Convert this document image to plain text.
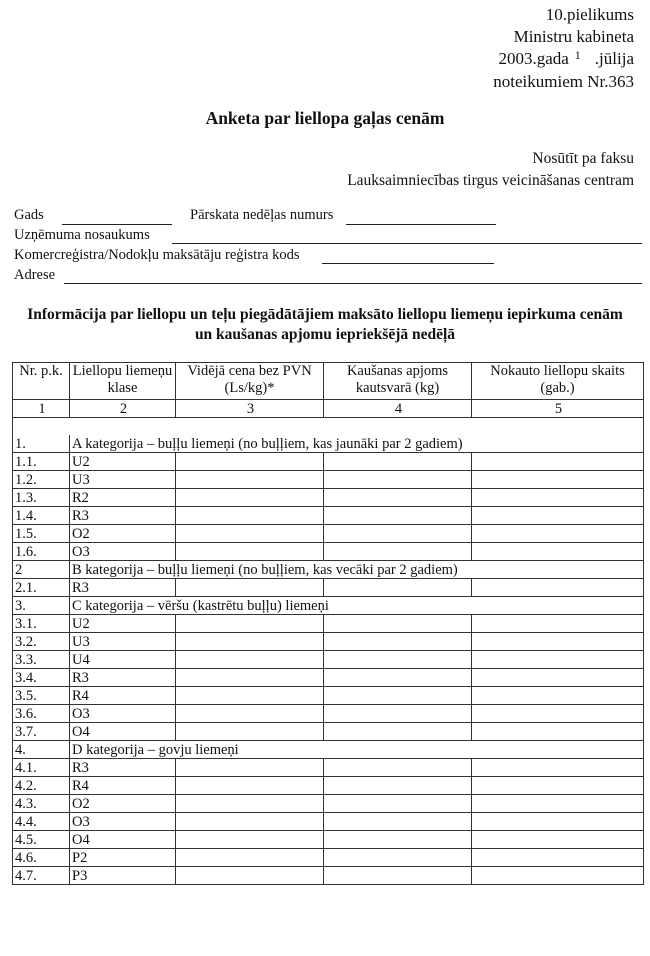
10.pielikums
Ministru kabineta
2003.gada $^1$ .jūlija
noteikumiem Nr.363
Anketa par liellopa gaļas cenām
Nosūtīt pa faksu
Lauksaimniecības tirgus veicināšanas centram
Gads	Pārskata nedēļas numurs
Uzņēmuma nosaukums
Komercreģistra/Nodokļu maksātāju reģistra kods
Adrese
Informācija par liellopu un teļu piegādātājiem maksāto liellopu liemeņu iepirkuma cenām
un kaušanas apjomu iepriekšējā nedēļā
Nr. p.k.	Liellopu liemeņu klase	Vidējā cena bez PVN (Ls/kg)*	Kaušanas apjoms kautsvarā (kg)	Nokauto liellopu skaits (gab.)
1	2	3	4	5

1.	A kategorija – buļļu liemeņi (no buļļiem, kas jaunāki par 2 gadiem)			
1.1.	U2			
1.2.	U3			
1.3.	R2			
1.4.	R3			
1.5.	O2			
1.6.	O3			
2	B kategorija – buļļu liemeņi (no buļļiem, kas vecāki par 2 gadiem)			
2.1.	R3			
3.	C kategorija – vēršu (kastrētu buļļu) liemeņi			
3.1.	U2			
3.2.	U3			
3.3.	U4			
3.4.	R3			
3.5.	R4			
3.6.	O3			
3.7.	O4			
4.	D kategorija – govju liemeņi			
4.1.	R3			
4.2.	R4			
4.3.	O2			
4.4.	O3			
4.5.	O4			
4.6.	P2			
4.7.	P3			
